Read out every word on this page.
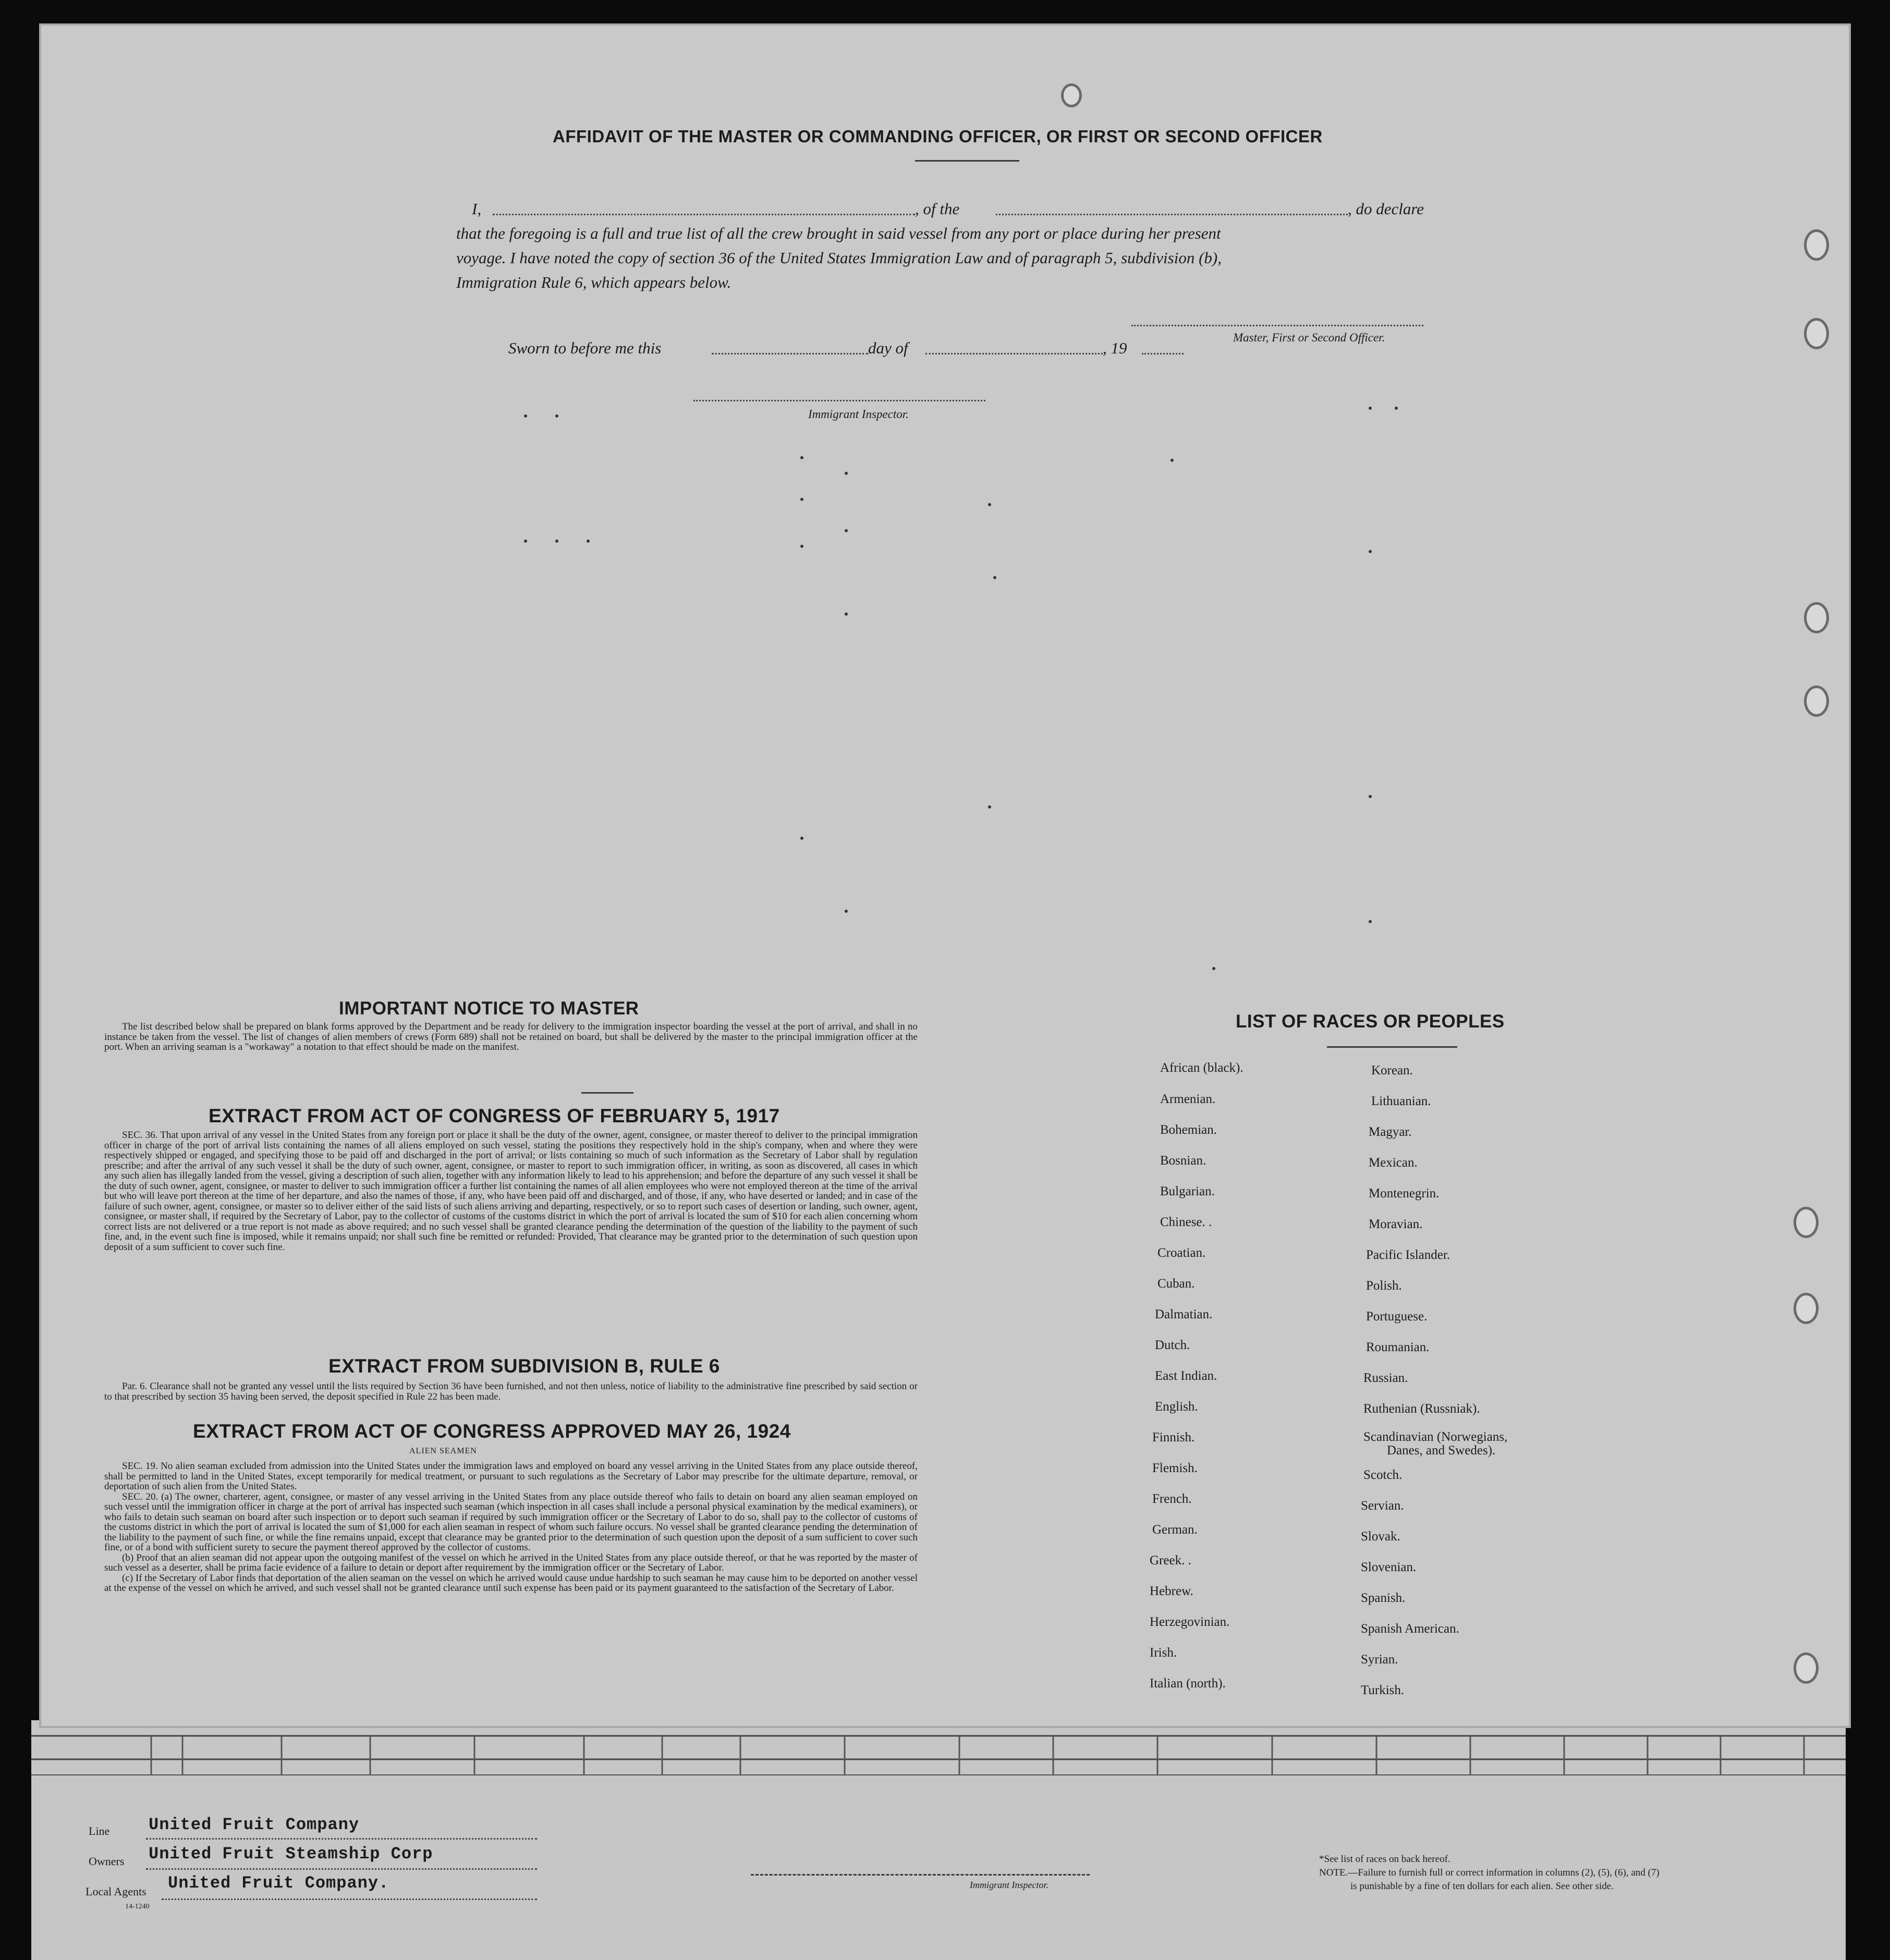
Line United Fruit Company
Owners United Fruit Steamship Corp
Local Agents United Fruit Company.
14-1240
Immigrant Inspector.
*See list of races on back hereof.
NOTE.—Failure to furnish full or correct information in columns (2), (5), (6), and (7)
is punishable by a fine of ten dollars for each alien. See other side.
AFFIDAVIT OF THE MASTER OR COMMANDING OFFICER, OR FIRST OR SECOND OFFICER
I,	, of the	, do declare
that the foregoing is a full and true list of all the crew brought in said vessel from any port or place during her present
voyage. I have noted the copy of section 36 of the United States Immigration Law and of paragraph 5, subdivision (b),
Immigration Rule 6, which appears below.
Master, First or Second Officer.
Sworn to before me this	day of	, 19
Immigrant Inspector.
IMPORTANT NOTICE TO MASTER

The list described below shall be prepared on blank forms approved by the Department and be ready for delivery to the immigration inspector boarding the vessel at the port of arrival, and shall in no instance be taken from the vessel. The list of changes of alien members of crews (Form 689) shall not be retained on board, but shall be delivered by the master to the principal immigration officer at the port. When an arriving seaman is a "workaway" a notation to that effect should be made on the manifest.

EXTRACT FROM ACT OF CONGRESS OF FEBRUARY 5, 1917

SEC. 36. That upon arrival of any vessel in the United States from any foreign port or place it shall be the duty of the owner, agent, consignee, or master thereof to deliver to the principal immigration officer in charge of the port of arrival lists containing the names of all aliens employed on such vessel, stating the positions they respectively hold in the ship's company, when and where they were respectively shipped or engaged, and specifying those to be paid off and discharged in the port of arrival; or lists containing so much of such information as the Secretary of Labor shall by regulation prescribe; and after the arrival of any such vessel it shall be the duty of such owner, agent, consignee, or master to report to such immigration officer, in writing, as soon as discovered, all cases in which any such alien has illegally landed from the vessel, giving a description of such alien, together with any information likely to lead to his apprehension; and before the departure of any such vessel it shall be the duty of such owner, agent, consignee, or master to deliver to such immigration officer a further list containing the names of all alien employees who were not employed thereon at the time of the arrival but who will leave port thereon at the time of her departure, and also the names of those, if any, who have been paid off and discharged, and of those, if any, who have deserted or landed; and in case of the failure of such owner, agent, consignee, or master so to deliver either of the said lists of such aliens arriving and departing, respectively, or so to report such cases of desertion or landing, such owner, agent, consignee, or master shall, if required by the Secretary of Labor, pay to the collector of customs of the customs district in which the port of arrival is located the sum of $10 for each alien concerning whom correct lists are not delivered or a true report is not made as above required; and no such vessel shall be granted clearance pending the determination of the question of the liability to the payment of such fine, and, in the event such fine is imposed, while it remains unpaid; nor shall such fine be remitted or refunded: Provided, That clearance may be granted prior to the determination of such question upon deposit of a sum sufficient to cover such fine.

EXTRACT FROM SUBDIVISION B, RULE 6

Par. 6. Clearance shall not be granted any vessel until the lists required by Section 36 have been furnished, and not then unless, notice of liability to the administrative fine prescribed by said section or to that prescribed by section 35 having been served, the deposit specified in Rule 22 has been made.

EXTRACT FROM ACT OF CONGRESS APPROVED MAY 26, 1924
ALIEN SEAMEN

SEC. 19. No alien seaman excluded from admission into the United States under the immigration laws and employed on board any vessel arriving in the United States from any place outside thereof, shall be permitted to land in the United States, except temporarily for medical treatment, or pursuant to such regulations as the Secretary of Labor may prescribe for the ultimate departure, removal, or deportation of such alien from the United States.

SEC. 20. (a) The owner, charterer, agent, consignee, or master of any vessel arriving in the United States from any place outside thereof who fails to detain on board any alien seaman employed on such vessel until the immigration officer in charge at the port of arrival has inspected such seaman (which inspection in all cases shall include a personal physical examination by the medical examiners), or who fails to detain such seaman on board after such inspection or to deport such seaman if required by such immigration officer or the Secretary of Labor to do so, shall pay to the collector of customs of the customs district in which the port of arrival is located the sum of $1,000 for each alien seaman in respect of whom such failure occurs. No vessel shall be granted clearance pending the determination of the liability to the payment of such fine, or while the fine remains unpaid, except that clearance may be granted prior to the determination of such question upon the deposit of a sum sufficient to cover such fine, or of a bond with sufficient surety to secure the payment thereof approved by the collector of customs.

(b) Proof that an alien seaman did not appear upon the outgoing manifest of the vessel on which he arrived in the United States from any place outside thereof, or that he was reported by the master of such vessel as a deserter, shall be prima facie evidence of a failure to detain or deport after requirement by the immigration officer or the Secretary of Labor.

(c) If the Secretary of Labor finds that deportation of the alien seaman on the vessel on which he arrived would cause undue hardship to such seaman he may cause him to be deported on another vessel at the expense of the vessel on which he arrived, and such vessel shall not be granted clearance until such expense has been paid or its payment guaranteed to the satisfaction of the Secretary of Labor.

LIST OF RACES OR PEOPLES
African (black).
Armenian.
Bohemian.
Bosnian.
Bulgarian.
Chinese. .
Croatian.
Cuban.
Dalmatian.
Dutch.
East Indian.
English.
Finnish.
Flemish.
French.
German.
Greek. .
Hebrew.
Herzegovinian.
Irish.
Italian (north).
Korean.
Lithuanian.
Magyar.
Mexican.
Montenegrin.
Moravian.
Pacific Islander.
Polish.
Portuguese.
Roumanian.
Russian.
Ruthenian (Russniak).
Scandinavian (Norwegians,
Danes, and Swedes).
Scotch.
Servian.
Slovak.
Slovenian.
Spanish.
Spanish American.
Syrian.
Turkish.
